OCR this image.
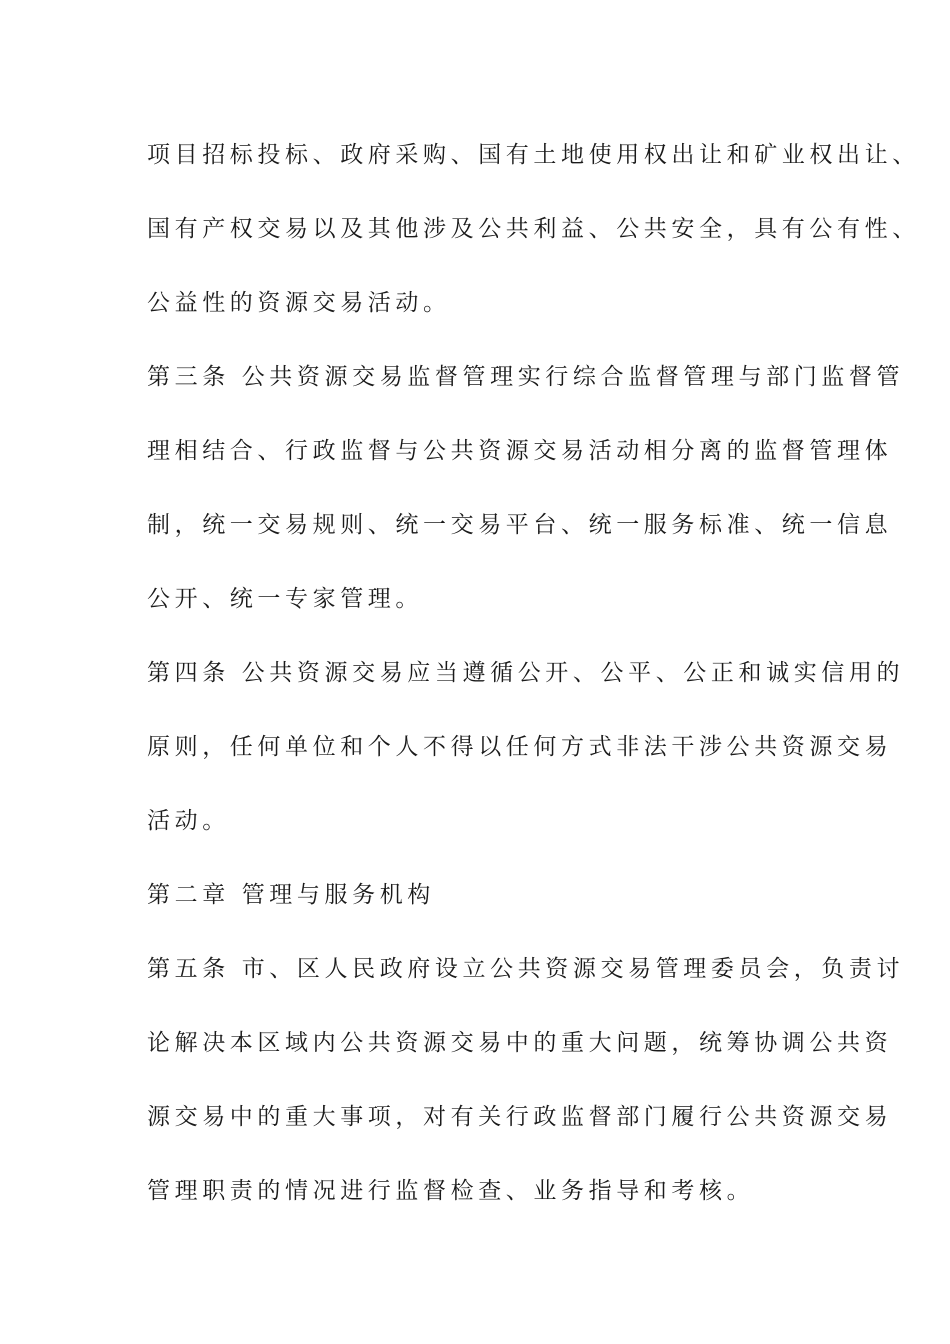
项目招标投标、政府采购、国有土地使用权出让和矿业权出让、
国有产权交易以及其他涉及公共利益、公共安全，具有公有性、
公益性的资源交易活动。
第三条 公共资源交易监督管理实行综合监督管理与部门监督管
理相结合、行政监督与公共资源交易活动相分离的监督管理体
制，统一交易规则、统一交易平台、统一服务标准、统一信息
公开、统一专家管理。
第四条 公共资源交易应当遵循公开、公平、公正和诚实信用的
原则，任何单位和个人不得以任何方式非法干涉公共资源交易
活动。
第二章 管理与服务机构
第五条 市、区人民政府设立公共资源交易管理委员会，负责讨
论解决本区域内公共资源交易中的重大问题，统筹协调公共资
源交易中的重大事项，对有关行政监督部门履行公共资源交易
管理职责的情况进行监督检查、业务指导和考核。
